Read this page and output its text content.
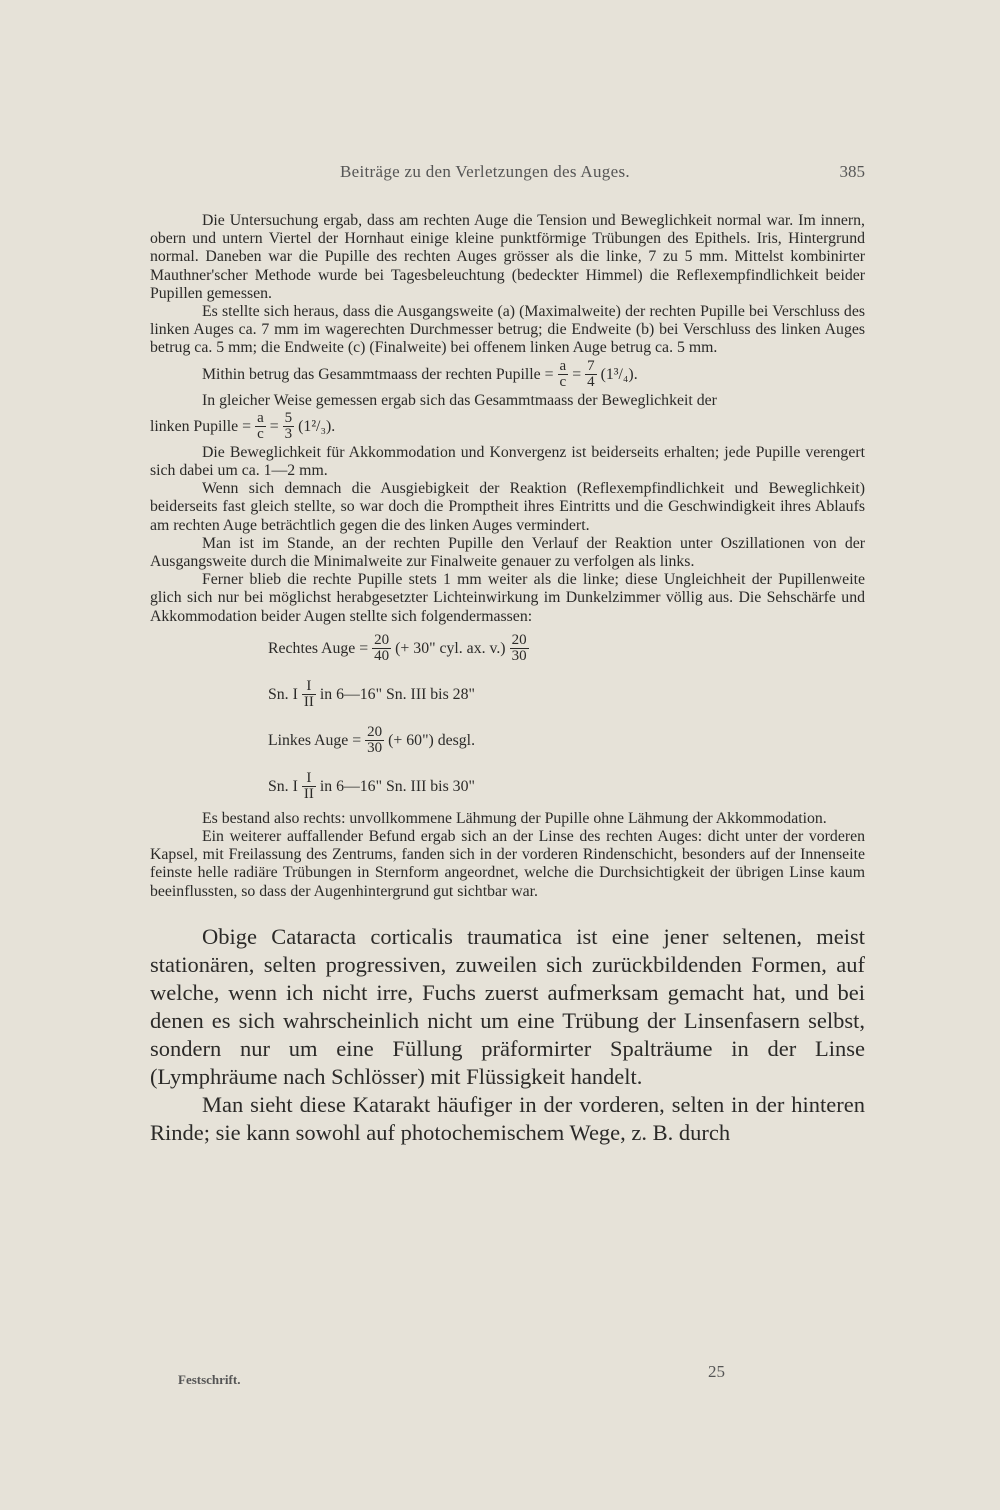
Beiträge zu den Verletzungen des Auges.	385

Die Untersuchung ergab, dass am rechten Auge die Tension und Beweglichkeit normal war. Im innern, obern und untern Viertel der Hornhaut einige kleine punktförmige Trübungen des Epithels. Iris, Hintergrund normal. Daneben war die Pupille des rechten Auges grösser als die linke, 7 zu 5 mm. Mittelst kombinirter Mauthner'scher Methode wurde bei Tagesbeleuchtung (bedeckter Himmel) die Reflexempfindlichkeit beider Pupillen gemessen.

Es stellte sich heraus, dass die Ausgangsweite (a) (Maximalweite) der rechten Pupille bei Verschluss des linken Auges ca. 7 mm im wagerechten Durchmesser betrug; die Endweite (b) bei Verschluss des linken Auges betrug ca. 5 mm; die Endweite (c) (Finalweite) bei offenem linken Auge betrug ca. 5 mm.

Mithin betrug das Gesammtmaass der rechten Pupille = $\frac{a}{c} = \frac{7}{4} (1^3/_4)$.

In gleicher Weise gemessen ergab sich das Gesammtmaass der Beweglichkeit der

linken Pupille = $\frac{a}{c} = \frac{5}{3} (1^2/_3)$.

Die Beweglichkeit für Akkommodation und Konvergenz ist beiderseits erhalten; jede Pupille verengert sich dabei um ca. 1—2 mm.

Wenn sich demnach die Ausgiebigkeit der Reaktion (Reflexempfindlichkeit und Beweglichkeit) beiderseits fast gleich stellte, so war doch die Promptheit ihres Eintritts und die Geschwindigkeit ihres Ablaufs am rechten Auge beträchtlich gegen die des linken Auges vermindert.

Man ist im Stande, an der rechten Pupille den Verlauf der Reaktion unter Oszillationen von der Ausgangsweite durch die Minimalweite zur Finalweite genauer zu verfolgen als links.

Ferner blieb die rechte Pupille stets 1 mm weiter als die linke; diese Ungleichheit der Pupillenweite glich sich nur bei möglichst herabgesetzter Lichteinwirkung im Dunkelzimmer völlig aus. Die Sehschärfe und Akkommodation beider Augen stellte sich folgendermassen:

Rechtes Auge = $\frac{20}{40}$ (+ 30" cyl. ax. $v.) \frac{20}{30}$
Sn. I $\frac{I}{II}$ in 6—16" Sn. III bis 28"
Linkes Auge = $\frac{20}{30}$ (+ 60") desgl.
Sn. I $\frac{I}{II}$ in 6—16" Sn. III bis 30"

Es bestand also rechts: unvollkommene Lähmung der Pupille ohne Lähmung der Akkommodation.

Ein weiterer auffallender Befund ergab sich an der Linse des rechten Auges: dicht unter der vorderen Kapsel, mit Freilassung des Zentrums, fanden sich in der vorderen Rindenschicht, besonders auf der Innenseite feinste helle radiäre Trübungen in Sternform angeordnet, welche die Durchsichtigkeit der übrigen Linse kaum beeinflussten, so dass der Augenhintergrund gut sichtbar war.

Obige Cataracta corticalis traumatica ist eine jener seltenen, meist stationären, selten progressiven, zuweilen sich zurückbildenden Formen, auf welche, wenn ich nicht irre, Fuchs zuerst aufmerksam gemacht hat, und bei denen es sich wahrscheinlich nicht um eine Trübung der Linsenfasern selbst, sondern nur um eine Füllung präformirter Spalträume in der Linse (Lymphräume nach Schlösser) mit Flüssigkeit handelt.

Man sieht diese Katarakt häufiger in der vorderen, selten in der hinteren Rinde; sie kann sowohl auf photochemischem Wege, z. B. durch

Festschrift.	25
